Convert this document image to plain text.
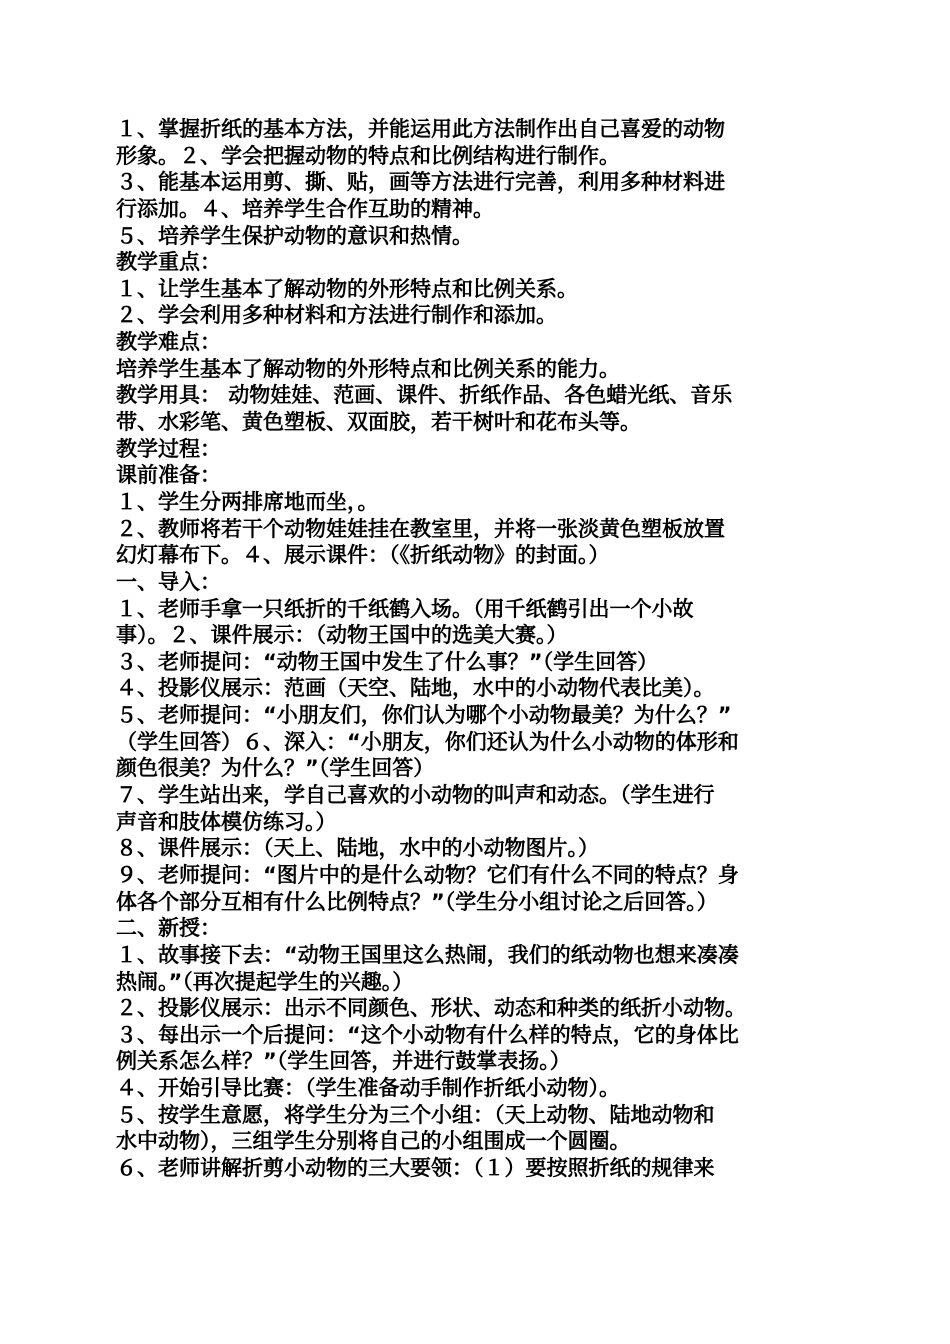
１、掌握折纸的基本方法，并能运用此方法制作出自己喜爱的动物
形象。２、学会把握动物的特点和比例结构进行制作。
３、能基本运用剪、撕、贴，画等方法进行完善，利用多种材料进
行添加。４、培养学生合作互助的精神。
５、培养学生保护动物的意识和热情。
教学重点：
１、让学生基本了解动物的外形特点和比例关系。
２、学会利用多种材料和方法进行制作和添加。
教学难点：
培养学生基本了解动物的外形特点和比例关系的能力。
教学用具： 动物娃娃、范画、课件、折纸作品、各色蜡光纸、音乐
带、水彩笔、黄色塑板、双面胶，若干树叶和花布头等。
教学过程：
课前准备：
１、学生分两排席地而坐，。
２、教师将若干个动物娃娃挂在教室里，并将一张淡黄色塑板放置
幻灯幕布下。４、展示课件：（《折纸动物》的封面。）
一、导入：
１、老师手拿一只纸折的千纸鹤入场。（用千纸鹤引出一个小故
事）。２、课件展示：（动物王国中的选美大赛。）
３、老师提问：“动物王国中发生了什么事？”（学生回答）
４、投影仪展示：范画（天空、陆地，水中的小动物代表比美）。
５、老师提问：“小朋友们，你们认为哪个小动物最美？为什么？”
（学生回答）６、深入：“小朋友，你们还认为什么小动物的体形和
颜色很美？为什么？”（学生回答）
７、学生站出来，学自己喜欢的小动物的叫声和动态。（学生进行
声音和肢体模仿练习。）
８、课件展示：（天上、陆地，水中的小动物图片。）
９、老师提问：“图片中的是什么动物？它们有什么不同的特点？身
体各个部分互相有什么比例特点？”（学生分小组讨论之后回答。）
二、新授：
１、故事接下去：“动物王国里这么热闹，我们的纸动物也想来凑凑
热闹。”（再次提起学生的兴趣。）
２、投影仪展示：出示不同颜色、形状、动态和种类的纸折小动物。
３、每出示一个后提问：“这个小动物有什么样的特点，它的身体比
例关系怎么样？”（学生回答，并进行鼓掌表扬。）
４、开始引导比赛：（学生准备动手制作折纸小动物）。
５、按学生意愿，将学生分为三个小组：（天上动物、陆地动物和
水中动物），三组学生分别将自己的小组围成一个圆圈。
６、老师讲解折剪小动物的三大要领：（１）要按照折纸的规律来
